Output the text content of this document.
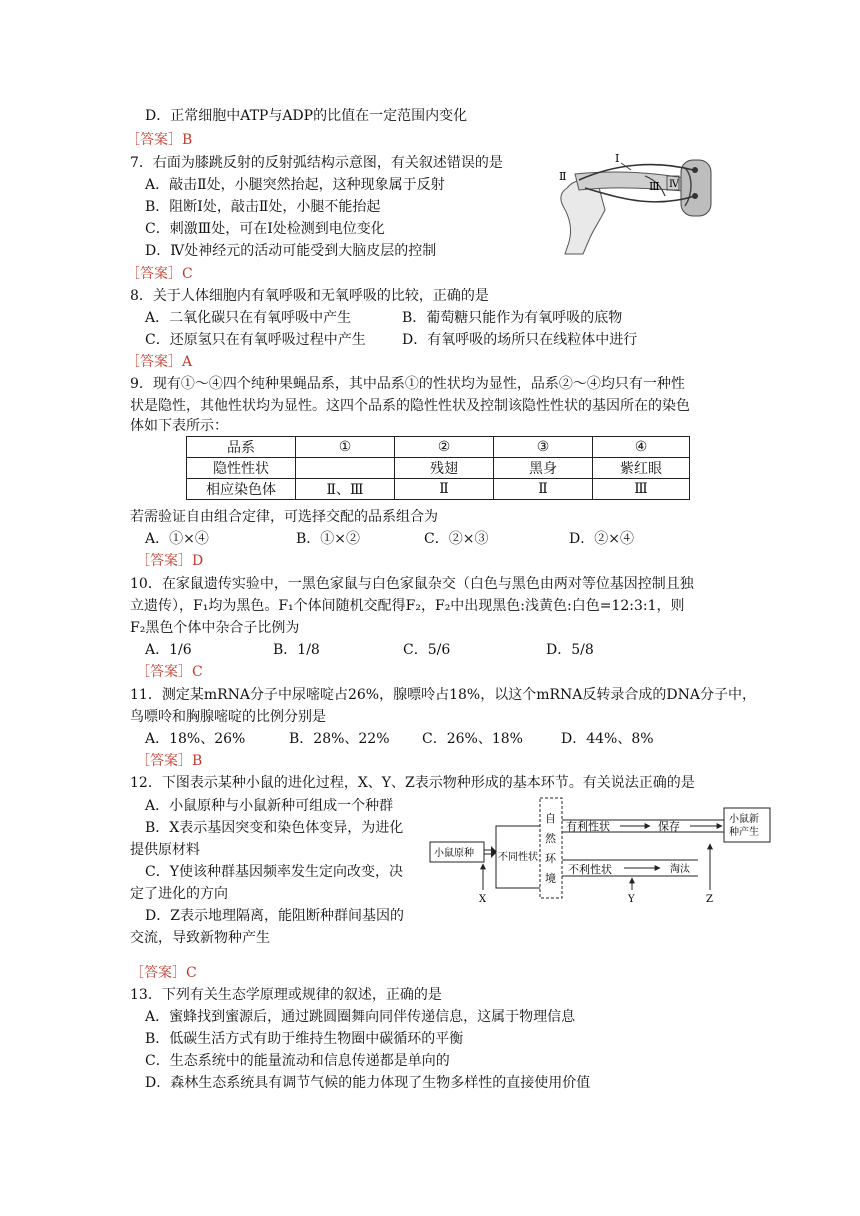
D．正常细胞中ATP与ADP的比值在一定范围内变化
［答案］B
7．右面为膝跳反射的反射弧结构示意图，有关叙述错误的是
A．敲击Ⅱ处，小腿突然抬起，这种现象属于反射
B．阻断Ⅰ处，敲击Ⅱ处，小腿不能抬起
C．刺激Ⅲ处，可在Ⅰ处检测到电位变化
D．Ⅳ处神经元的活动可能受到大脑皮层的控制
［答案］C
Ⅰ
Ⅱ
Ⅲ Ⅳ
8．关于人体细胞内有氧呼吸和无氧呼吸的比较，正确的是
A．二氧化碳只在有氧呼吸中产生	B．葡萄糖只能作为有氧呼吸的底物
C．还原氢只在有氧呼吸过程中产生	D．有氧呼吸的场所只在线粒体中进行
［答案］A
9．现有①～④四个纯种果蝇品系，其中品系①的性状均为显性，品系②～④均只有一种性
状是隐性，其他性状均为显性。这四个品系的隐性性状及控制该隐性性状的基因所在的染色
体如下表所示：
品系	①	②	③	④
隐性性状		残翅	黑身	紫红眼
相应染色体	Ⅱ、Ⅲ	Ⅱ	Ⅱ	Ⅲ
若需验证自由组合定律，可选择交配的品系组合为
A．①×④	B．①×②	C．②×③	D．②×④
［答案］D
10．在家鼠遗传实验中，一黑色家鼠与白色家鼠杂交（白色与黑色由两对等位基因控制且独
立遗传），F₁均为黑色。F₁个体间随机交配得F₂，F₂中出现黑色:浅黄色:白色=12:3:1，则
F₂黑色个体中杂合子比例为
A．1/6	B．1/8	C．5/6	D．5/8
［答案］C
11．测定某mRNA分子中尿嘧啶占26%，腺嘌呤占18%，以这个mRNA反转录合成的DNA分子中，
鸟嘌呤和胸腺嘧啶的比例分别是
A．18%、26%	B．28%、22% C．26%、18%	D．44%、8%
［答案］B
12．下图表示某种小鼠的进化过程，X、Y、Z表示物种形成的基本环节。有关说法正确的是
A．小鼠原种与小鼠新种可组成一个种群
B．X表示基因突变和染色体变异，为进化
提供原材料
C．Y使该种群基因频率发生定向改变，决
定了进化的方向
D．Z表示地理隔离，能阻断种群间基因的
交流，导致新物种产生
小鼠原种 不同性状
自 然 环 境
有利性状	保存
小鼠新 种产生
不利性状	淘汰
X	Y	Z
［答案］C
13．下列有关生态学原理或规律的叙述，正确的是
A．蜜蜂找到蜜源后，通过跳圆圈舞向同伴传递信息，这属于物理信息
B．低碳生活方式有助于维持生物圈中碳循环的平衡
C．生态系统中的能量流动和信息传递都是单向的
D．森林生态系统具有调节气候的能力体现了生物多样性的直接使用价值
